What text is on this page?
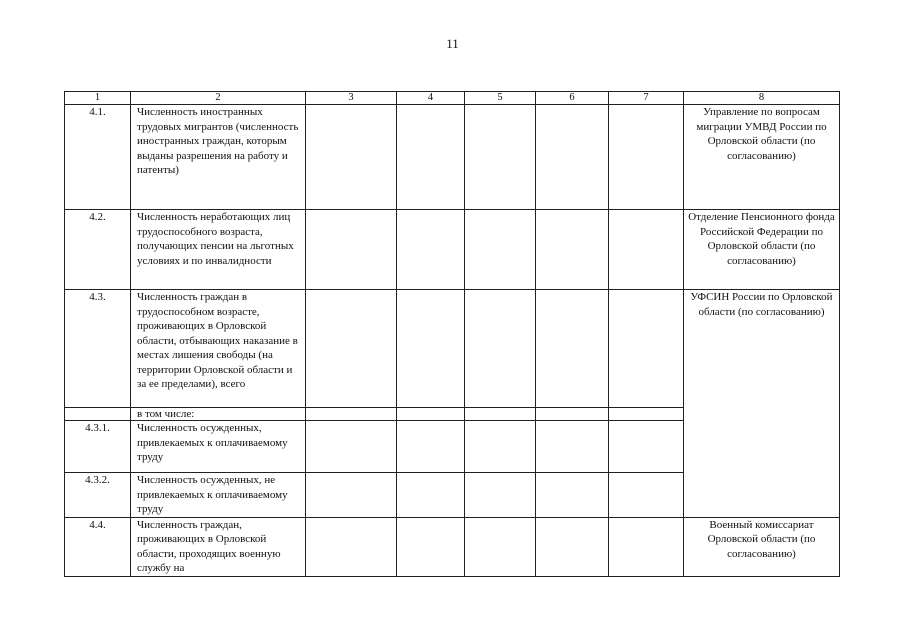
11
1	2	3	4	5	6	7	8
4.1.	Численность иностранных трудовых мигрантов (численность иностранных граждан, которым выданы разрешения на работу и патенты)						Управление по вопросам миграции УМВД России по Орловской области (по согласованию)
4.2.	Численность неработающих лиц трудоспособного возраста, получающих пенсии на льготных условиях и по инвалидности						Отделение Пенсионного фонда Российской Федерации по Орловской области (по согласованию)
4.3.	Численность граждан в трудоспособном возрасте, проживающих в Орловской области, отбывающих наказание в местах лишения свободы (на территории Орловской области и за ее пределами), всего						УФСИН России по Орловской области (по согласованию)
	в том числе:						
4.3.1.	Численность осужденных, привлекаемых к оплачиваемому труду						
4.3.2.	Численность осужденных, не привлекаемых к оплачиваемому труду						
4.4.	Численность граждан, проживающих в Орловской области, проходящих военную службу на						Военный комиссариат Орловской области (по согласованию)
